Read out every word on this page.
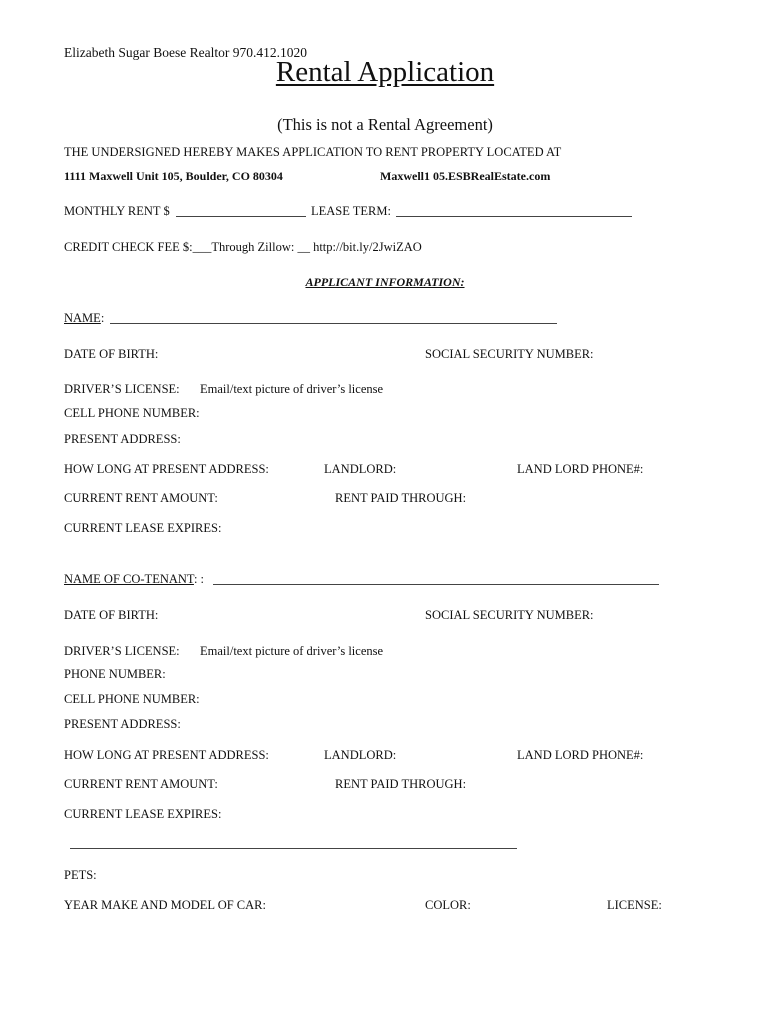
Elizabeth Sugar Boese Realtor 970.412.1020
Rental Application
(This is not a Rental Agreement)
THE UNDERSIGNED HEREBY MAKES APPLICATION TO RENT PROPERTY LOCATED AT
1111 Maxwell Unit 105, Boulder, CO 80304	Maxwell1 05.ESBRealEstate.com
MONTHLY RENT $	LEASE TERM:
CREDIT CHECK FEE $:___Through Zillow: __ http://bit.ly/2JwiZAO
APPLICANT INFORMATION:
NAME:
DATE OF BIRTH:	SOCIAL SECURITY NUMBER:
DRIVER’S LICENSE: Email/text picture of driver’s license
CELL PHONE NUMBER:
PRESENT ADDRESS:
HOW LONG AT PRESENT ADDRESS:	LANDLORD:	LAND LORD PHONE#:
CURRENT RENT AMOUNT:	RENT PAID THROUGH:
CURRENT LEASE EXPIRES:
NAME OF CO-TENANT: :
DATE OF BIRTH:	SOCIAL SECURITY NUMBER:
DRIVER’S LICENSE: Email/text picture of driver’s license
PHONE NUMBER:
CELL PHONE NUMBER:
PRESENT ADDRESS:
HOW LONG AT PRESENT ADDRESS:	LANDLORD:	LAND LORD PHONE#:
CURRENT RENT AMOUNT:	RENT PAID THROUGH:
CURRENT LEASE EXPIRES:
PETS:
YEAR MAKE AND MODEL OF CAR:	COLOR:	LICENSE:
